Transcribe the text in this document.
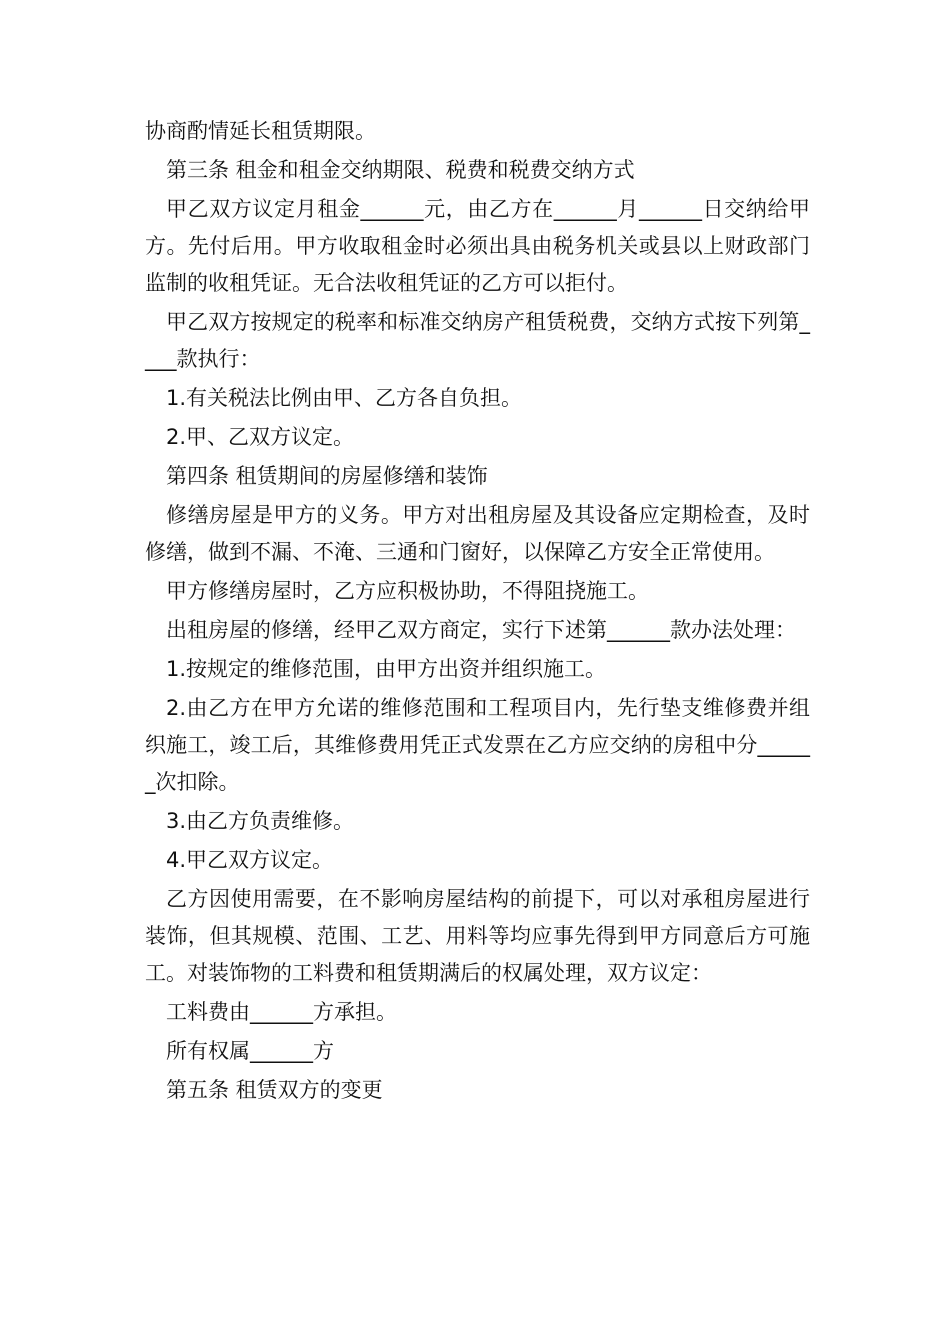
协商酌情延长租赁期限。

第三条 租金和租金交纳期限、税费和税费交纳方式

甲乙双方议定月租金______元，由乙方在______月______日交纳给甲方。先付后用。甲方收取租金时必须出具由税务机关或县以上财政部门监制的收租凭证。无合法收租凭证的乙方可以拒付。

甲乙双方按规定的税率和标准交纳房产租赁税费，交纳方式按下列第____款执行：

1.有关税法比例由甲、乙方各自负担。

2.甲、乙双方议定。

第四条 租赁期间的房屋修缮和装饰

修缮房屋是甲方的义务。甲方对出租房屋及其设备应定期检查，及时修缮，做到不漏、不淹、三通和门窗好，以保障乙方安全正常使用。

甲方修缮房屋时，乙方应积极协助，不得阻挠施工。

出租房屋的修缮，经甲乙双方商定，实行下述第______款办法处理：

1.按规定的维修范围，由甲方出资并组织施工。

2.由乙方在甲方允诺的维修范围和工程项目内，先行垫支维修费并组织施工，竣工后，其维修费用凭正式发票在乙方应交纳的房租中分______次扣除。

3.由乙方负责维修。

4.甲乙双方议定。

乙方因使用需要，在不影响房屋结构的前提下，可以对承租房屋进行装饰，但其规模、范围、工艺、用料等均应事先得到甲方同意后方可施工。对装饰物的工料费和租赁期满后的权属处理，双方议定：

工料费由______方承担。

所有权属______方

第五条 租赁双方的变更
